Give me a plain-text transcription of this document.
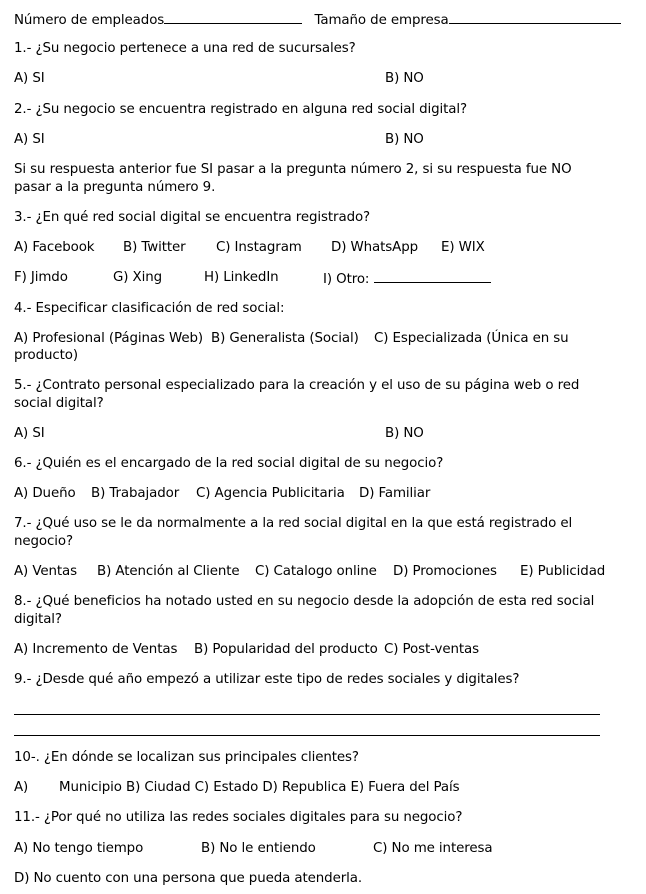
Número de empleados	Tamaño de empresa
1.- ¿Su negocio pertenece a una red de sucursales?
A) SI	B) NO
2.- ¿Su negocio se encuentra registrado en alguna red social digital?
A) SI	B) NO
Si su respuesta anterior fue SI pasar a la pregunta número 2, si su respuesta fue NO pasar a la pregunta número 9.
3.- ¿En qué red social digital se encuentra registrado?
A) Facebook B) Twitter C) Instagram D) WhatsApp E) WIX
F) Jimdo	G) Xing	H) LinkedIn	I) Otro:
4.- Especificar clasificación de red social:
A) Profesional (Páginas Web) B) Generalista (Social) C) Especializada (Única en su
producto)
5.- ¿Contrato personal especializado para la creación y el uso de su página web o red social digital?
A) SI	B) NO
6.- ¿Quién es el encargado de la red social digital de su negocio?
A) Dueño B) Trabajador C) Agencia Publicitaria D) Familiar
7.- ¿Qué uso se le da normalmente a la red social digital en la que está registrado el negocio?
A) Ventas B) Atención al Cliente C) Catalogo online D) Promociones E) Publicidad
8.- ¿Qué beneficios ha notado usted en su negocio desde la adopción de esta red social digital?
A) Incremento de Ventas B) Popularidad del producto C) Post-ventas
9.- ¿Desde qué año empezó a utilizar este tipo de redes sociales y digitales?
10-. ¿En dónde se localizan sus principales clientes?
A) Municipio B) Ciudad C) Estado D) Republica E) Fuera del País
11.- ¿Por qué no utiliza las redes sociales digitales para su negocio?
A) No tengo tiempo	B) No le entiendo	C) No me interesa
D) No cuento con una persona que pueda atenderla.
